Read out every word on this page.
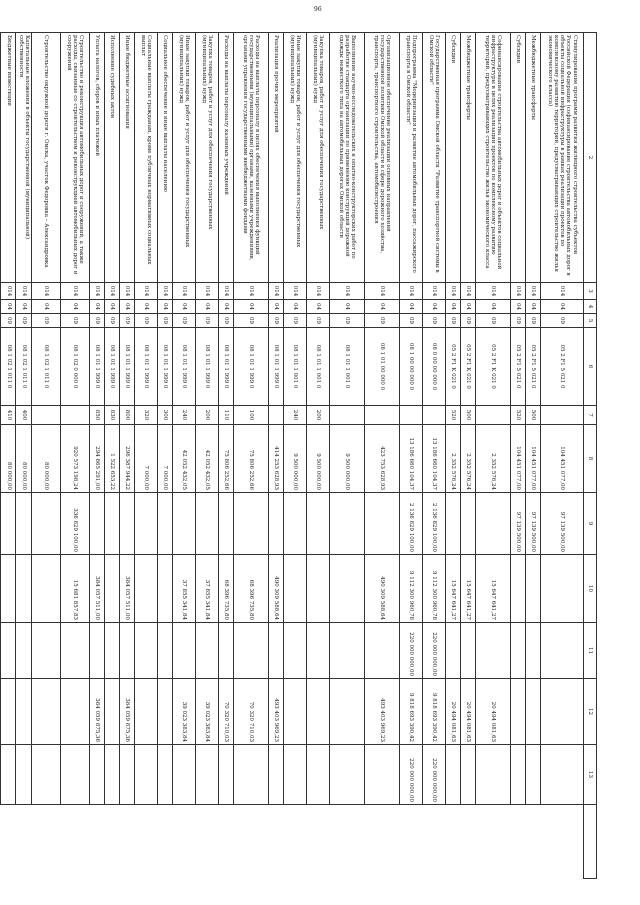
96
2	3	4	5	6	7	8	9	10	11	12	13	
Стимулирование программ развития жилищного строительства субъектов Российской Федерации (софинансирование строительства автомобильных дорог в объекты социальной инфраструктуры в рамках реализации проектов по комплексному развитию территорий, предусматривающих строительство жилья экономического класса)	014	04	09	05 2 F1 5 021 0		104 451 077,00	97 139 500,00					
Межбюджетные трансферты	014	04	09	05 2 F1 5 021 0	500	104 451 077,00	97 139 500,00					
Субсидии	014	04	09	05 2 F1 5 021 0	520	104 451 077,00	97 139 500,00					
Софинансирование строительства автомобильных дорог и объектов социальной инфраструктуры в целях реализации проектов по комплексному развитию территорий, предусматривающих строительство жилья экономического класса	014	04	09	05 2 F1 K 021 0		2 352 576,24		15 647 641,27		20 494 081,63		
Межбюджетные трансферты	014	04	09	05 2 F1 K 021 0	500	2 352 576,24		15 647 641,27		20 494 081,63		
Субсидии	014	04	09	05 2 F1 K 021 0	520	2 352 576,24		15 647 641,27		20 494 081,63		
Государственная программа Омской области "Развитие транспортной системы в Омской области"	014	04	09	08 0 00 00 000 0		13 186 660 104,37	2 136 829 100,00	9 112 300 960,78	220 000 000,00	9 818 693 390,42	220 000 000,00	
Подпрограмма "Модернизация и развитие автомобильных дорог, пассажирского транспорта в Омской области"	014	04	09	08 1 00 00 000 0		13 186 660 104,37	2 136 829 100,00	9 112 300 960,78	220 000 000,00	9 818 693 390,42	220 000 000,00	
Организационное обеспечение реализации основных направлений государственной политики Омской области в сфере дорожного хозяйства, транспорта, транспортного строительства, автомобилестроения	014	04	09	08 1 01 00 000 0		423 753 628,93		490 309 588,64		493 403 969,23		
Выполнение научно-исследовательских и опытно-конструкторских работ по разработке стандарта организации по применению конструкций дорожной одежды нежесткого типа на автомобильных дорогах Омской области	014	04	09	08 1 01 1 001 0		9 500 000,00						
Закупка товаров, работ и услуг для обеспечения государственных (муниципальных) нужд	014	04	09	08 1 01 1 001 0	200	9 500 000,00						
Иные закупки товаров, работ и услуг для обеспечения государственных (муниципальных) нужд	014	04	09	08 1 01 1 001 0	240	9 500 000,00						
Реализация прочих мероприятий	014	04	09	08 1 01 1 999 0		414 253 628,93		490 309 588,64		493 403 969,23		
Расходы на выплаты персоналу в целях обеспечения выполнения функций государственными (муниципальными) органами, казенными учреждениями, органами управления государственными внебюджетными фондами	014	04	09	08 1 01 1 999 0	100	75 806 252,66		68 396 735,80		70 320 710,03		
Расходы на выплаты персоналу казенных учреждений	014	04	09	08 1 01 1 999 0	110	75 806 252,66		68 396 735,80		70 320 710,03		
Закупка товаров, работ и услуг для обеспечения государственных (муниципальных) нужд	014	04	09	08 1 01 1 999 0	200	42 052 432,05		37 855 341,84		39 023 383,84		
Иные закупки товаров, работ и услуг для обеспечения государственных (муниципальных) нужд	014	04	09	08 1 01 1 999 0	240	42 052 432,05		37 855 341,84		39 023 383,84		
Социальное обеспечение и иные выплаты населению	014	04	09	08 1 01 1 999 0	300	7 000,00						
Социальные выплаты гражданам, кроме публичных нормативных социальных выплат	014	04	09	08 1 01 1 999 0	320	7 000,00						
Иные бюджетные ассигнования	014	04	09	08 1 01 1 999 0	800	296 387 944,22		384 057 511,00		384 059 875,36		
Исполнение судебных актов	014	04	09	08 1 01 1 999 0	830	1 522 653,22						
Уплата налогов, сборов и иных платежей	014	04	09	08 1 01 1 999 0	850	294 865 291,00		384 057 511,00		384 059 875,36		
Строительство и реконструкция автомобильных дорог и сооружений, а также расходы, связанные со строительством и реконструкцией автомобильных дорог и сооружений	014	04	09	08 1 02 0 000 0		920 573 198,24	336 829 100,00	15 681 857,83				
Строительство окружной дороги г. Омска, участок Федоровка – Александровка	014	04	09	08 1 02 1 011 0		80 000,00						
Капитальные вложения в объекты государственной (муниципальной) собственности	014	04	09	08 1 02 1 011 0	400	80 000,00						
Бюджетные инвестиции	014	04	09	08 1 02 1 011 0	410	80 000,00						
